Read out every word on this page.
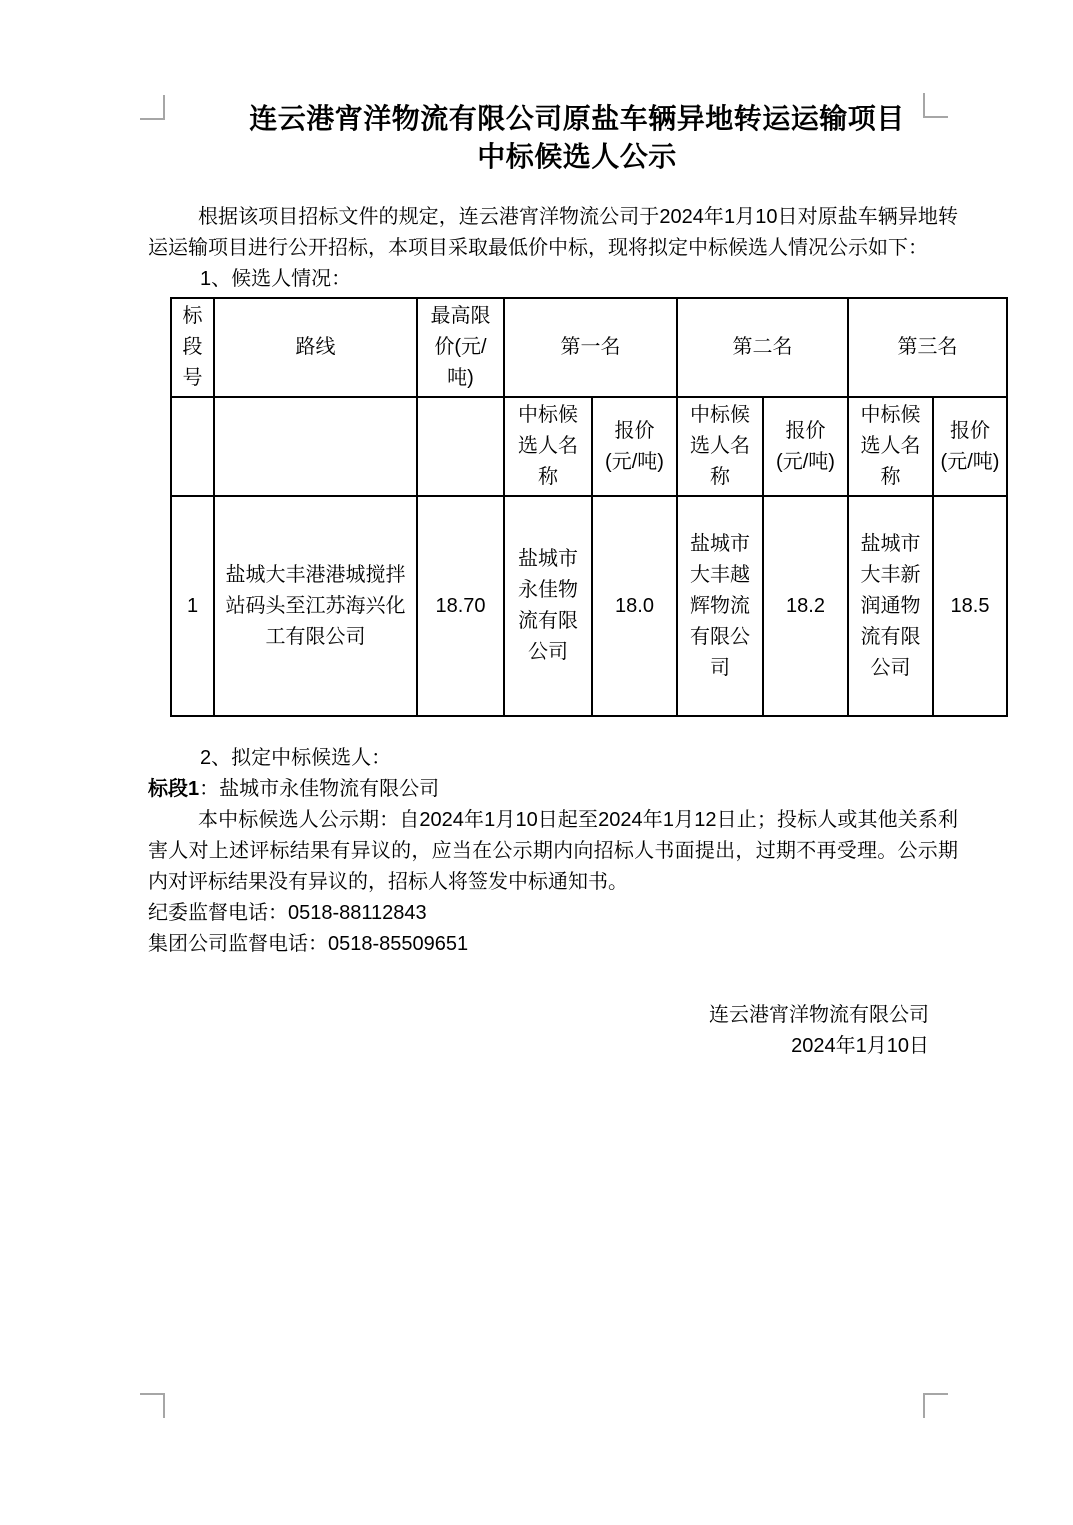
连云港宵洋物流有限公司原盐车辆异地转运运输项目
中标候选人公示

根据该项目招标文件的规定，连云港宵洋物流公司于2024年1月10日对原盐车辆异地转运运输项目进行公开招标，本项目采取最低价中标，现将拟定中标候选人情况公示如下：

1、候选人情况：

标段号	路线	最高限价(元/吨)	第一名		第二名		第三名	
			中标候选人名称	报价(元/吨)	中标候选人名称	报价(元/吨)	中标候选人名称	报价(元/吨)
1	盐城大丰港港城搅拌站码头至江苏海兴化工有限公司	18.70	盐城市永佳物流有限公司	18.0	盐城市大丰越辉物流有限公司	18.2	盐城市大丰新润通物流有限公司	18.5

2、拟定中标候选人：

标段1：盐城市永佳物流有限公司

本中标候选人公示期：自2024年1月10日起至2024年1月12日止；投标人或其他关系利害人对上述评标结果有异议的，应当在公示期内向招标人书面提出，过期不再受理。公示期内对评标结果没有异议的，招标人将签发中标通知书。

纪委监督电话：0518-88112843

集团公司监督电话：0518-85509651

连云港宵洋物流有限公司

2024年1月10日
